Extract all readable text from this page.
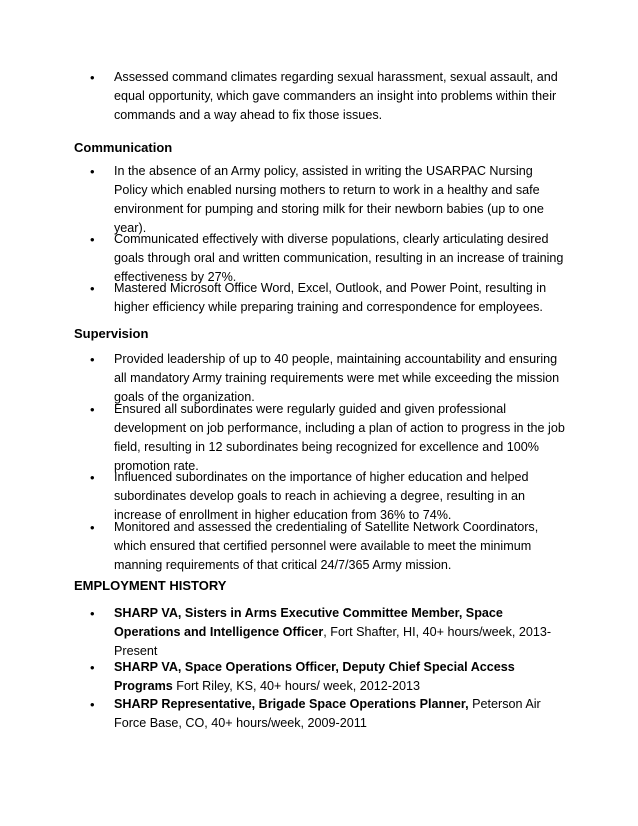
• Assessed command climates regarding sexual harassment, sexual assault, and
equal opportunity, which gave commanders an insight into problems within their
commands and a way ahead to fix those issues.
Communication
• In the absence of an Army policy, assisted in writing the USARPAC Nursing
Policy which enabled nursing mothers to return to work in a healthy and safe
environment for pumping and storing milk for their newborn babies (up to one
year).
• Communicated effectively with diverse populations, clearly articulating desired
goals through oral and written communication, resulting in an increase of training
effectiveness by 27%.
• Mastered Microsoft Office Word, Excel, Outlook, and Power Point, resulting in
higher efficiency while preparing training and correspondence for employees.
Supervision
• Provided leadership of up to 40 people, maintaining accountability and ensuring
all mandatory Army training requirements were met while exceeding the mission
goals of the organization.
• Ensured all subordinates were regularly guided and given professional
development on job performance, including a plan of action to progress in the job
field, resulting in 12 subordinates being recognized for excellence and 100%
promotion rate.
• Influenced subordinates on the importance of higher education and helped
subordinates develop goals to reach in achieving a degree, resulting in an
increase of enrollment in higher education from 36% to 74%.
• Monitored and assessed the credentialing of Satellite Network Coordinators,
which ensured that certified personnel were available to meet the minimum
manning requirements of that critical 24/7/365 Army mission.
EMPLOYMENT HISTORY
• SHARP VA, Sisters in Arms Executive Committee Member, Space
Operations and Intelligence Officer, Fort Shafter, HI, 40+ hours/week, 2013-
Present
• SHARP VA, Space Operations Officer, Deputy Chief Special Access
Programs Fort Riley, KS, 40+ hours/ week, 2012-2013
• SHARP Representative, Brigade Space Operations Planner, Peterson Air
Force Base, CO, 40+ hours/week, 2009-2011
